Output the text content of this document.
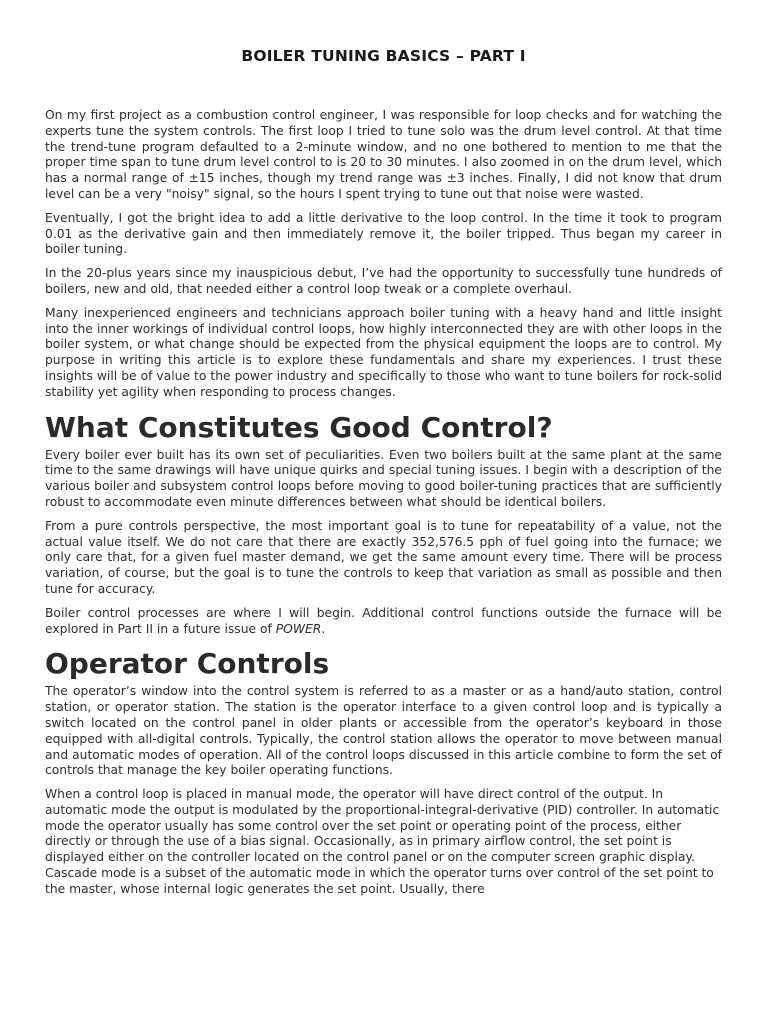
BOILER TUNING BASICS – PART I

On my first project as a combustion control engineer, I was responsible for loop checks and for watching the experts tune the system controls. The first loop I tried to tune solo was the drum level control. At that time the trend-tune program defaulted to a 2-minute window, and no one bothered to mention to me that the proper time span to tune drum level control to is 20 to 30 minutes. I also zoomed in on the drum level, which has a normal range of ±15 inches, though my trend range was ±3 inches. Finally, I did not know that drum level can be a very "noisy" signal, so the hours I spent trying to tune out that noise were wasted.

Eventually, I got the bright idea to add a little derivative to the loop control. In the time it took to program 0.01 as the derivative gain and then immediately remove it, the boiler tripped. Thus began my career in boiler tuning.

In the 20-plus years since my inauspicious debut, I’ve had the opportunity to successfully tune hundreds of boilers, new and old, that needed either a control loop tweak or a complete overhaul.

Many inexperienced engineers and technicians approach boiler tuning with a heavy hand and little insight into the inner workings of individual control loops, how highly interconnected they are with other loops in the boiler system, or what change should be expected from the physical equipment the loops are to control. My purpose in writing this article is to explore these fundamentals and share my experiences. I trust these insights will be of value to the power industry and specifically to those who want to tune boilers for rock-solid stability yet agility when responding to process changes.

What Constitutes Good Control?

Every boiler ever built has its own set of peculiarities. Even two boilers built at the same plant at the same time to the same drawings will have unique quirks and special tuning issues. I begin with a description of the various boiler and subsystem control loops before moving to good boiler-tuning practices that are sufficiently robust to accommodate even minute differences between what should be identical boilers.

From a pure controls perspective, the most important goal is to tune for repeatability of a value, not the actual value itself. We do not care that there are exactly 352,576.5 pph of fuel going into the furnace; we only care that, for a given fuel master demand, we get the same amount every time. There will be process variation, of course, but the goal is to tune the controls to keep that variation as small as possible and then tune for accuracy.

Boiler control processes are where I will begin. Additional control functions outside the furnace will be explored in Part II in a future issue of POWER.

Operator Controls

The operator’s window into the control system is referred to as a master or as a hand/auto station, control station, or operator station. The station is the operator interface to a given control loop and is typically a switch located on the control panel in older plants or accessible from the operator’s keyboard in those equipped with all-digital controls. Typically, the control station allows the operator to move between manual and automatic modes of operation. All of the control loops discussed in this article combine to form the set of controls that manage the key boiler operating functions.

When a control loop is placed in manual mode, the operator will have direct control of the output. In automatic mode the output is modulated by the proportional-integral-derivative (PID) controller. In automatic mode the operator usually has some control over the set point or operating point of the process, either directly or through the use of a bias signal. Occasionally, as in primary airflow control, the set point is displayed either on the controller located on the control panel or on the computer screen graphic display. Cascade mode is a subset of the automatic mode in which the operator turns over control of the set point to the master, whose internal logic generates the set point. Usually, there
